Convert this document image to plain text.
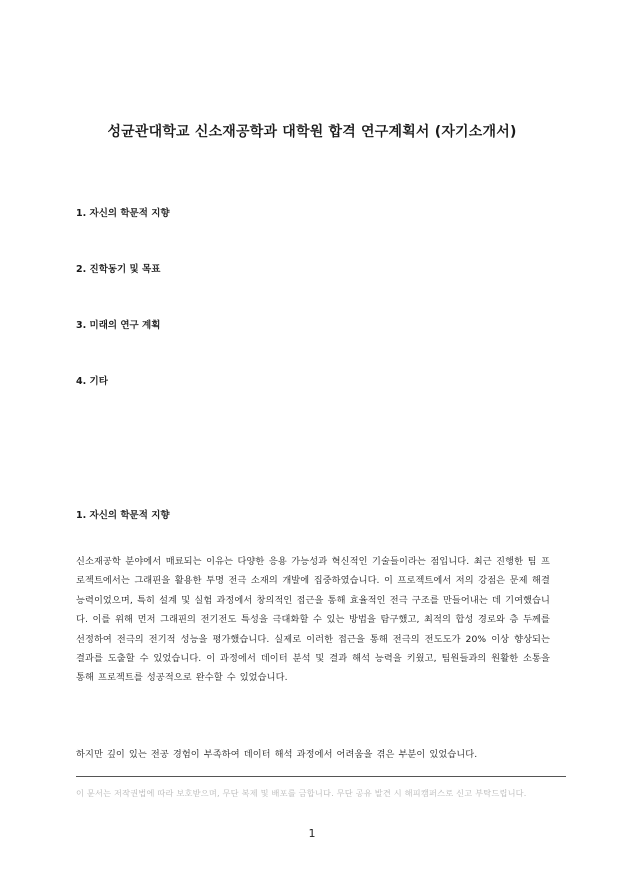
성균관대학교 신소재공학과 대학원 합격 연구계획서 (자기소개서)
1. 자신의 학문적 지향
2. 진학동기 및 목표
3. 미래의 연구 계획
4. 기타
1. 자신의 학문적 지향
신소재공학 분야에서 매료되는 이유는 다양한 응용 가능성과 혁신적인 기술들이라는 점입니다. 최근 진행한 팀 프로젝트에서는 그래핀을 활용한 투명 전극 소재의 개발에 집중하였습니다. 이 프로젝트에서 저의 강점은 문제 해결능력이었으며, 특히 설계 및 실험 과정에서 창의적인 접근을 통해 효율적인 전극 구조를 만들어내는 데 기여했습니다. 이를 위해 먼저 그래핀의 전기전도 특성을 극대화할 수 있는 방법을 탐구했고, 최적의 합성 경로와 층 두께를 선정하여 전극의 전기적 성능을 평가했습니다. 실제로 이러한 접근을 통해 전극의 전도도가 20% 이상 향상되는 결과를 도출할 수 있었습니다. 이 과정에서 데이터 분석 및 결과 해석 능력을 키웠고, 팀원들과의 원활한 소통을 통해 프로젝트를 성공적으로 완수할 수 있었습니다.
하지만 깊이 있는 전공 경험이 부족하여 데이터 해석 과정에서 어려움을 겪은 부분이 있었습니다.
이 문서는 저작권법에 따라 보호받으며, 무단 복제 및 배포를 금합니다. 무단 공유 발견 시 해피캠퍼스로 신고 부탁드립니다.
1
